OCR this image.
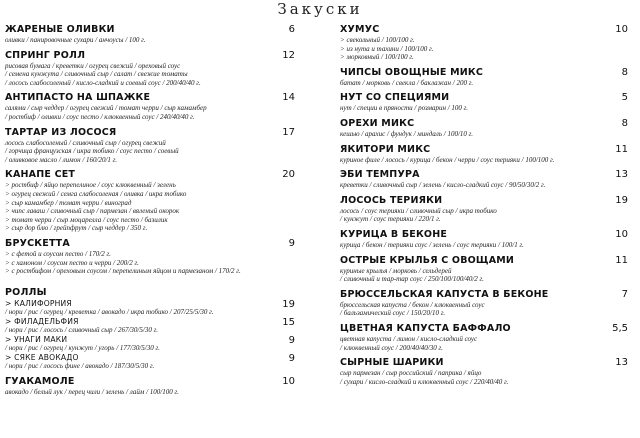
Закуски
ЖАРЕНЫЕ ОЛИВКИ	6
оливки / панировочные сухари / анчоусы / 100 г.
СПРИНГ РОЛЛ	12
рисовая бумага / креветки / огурец свежий / ореховый соус
/ семена кунжута / сливочный сыр / салат / свежие томаты
/ лосось слабосоленый / кисло-сладкий и соевый соус / 200/40/40 г.
АНТИПАСТО НА ШПАЖКЕ	14
салями / сыр чеддер / огурец свежий / томат черри / сыр камамбер
/ ростбиф / оливки / соус песто / клюквенный соус / 240/40/40 г.
ТАРТАР ИЗ ЛОСОСЯ	17
лосось слабосоленый / сливочный сыр / огурец свежий
/ горчица французская / икра тобико / соус песто / соевый
/ оливковое масло / лимон / 160/20/1 г.
КАНАПЕ СЕТ	20
> ростбиф / яйцо перепелиное / соус клюквенный / зелень
> огурец свежий / семга слабосоленая / оливка / икра тобико
> сыр камамбер / томат черри / виноград
> чипс лаваш / сливочный сыр / пармезан / вяленый окорок
> томат черри / сыр моцарелла / соус песто / базилик
> сыр дор блю / грейпфрут / сыр чеддер / 350 г.
БРУСКЕТТА	9
> с фетой и соусом песто / 170/2 г.
> с хамоном / соусом песто и черри / 200/2 г.
> с ростбифом / ореховым соусом / перепелиным яйцом и пармезаном / 170/2 г.
РОЛЛЫ
> КАЛИФОРНИЯ	19
/ нори / рис / огурец / креветка / авокадо / икра тобико / 207/25/5/30 г.
> ФИЛАДЕЛЬФИЯ	15
/ нори / рис / лосось / сливочный сыр / 267/30/5/30 г.
> УНАГИ МАКИ	9
/ нори / рис / огурец / кунжут / угорь / 177/30/5/30 г.
> СЯКЕ АВОКАДО	9
/ нори / рис / лосось фине / авокадо / 187/30/5/30 г.
ГУАКАМОЛЕ	10
авокадо / белый лук / перец чили / зелень / лайм / 100/100 г.
ХУМУС	10
> свекольный / 100/100 г.
> из нута и тахини / 100/100 г.
> морковный / 100/100 г.
ЧИПСЫ ОВОЩНЫЕ МИКС	8
батат / морковь / свекла / баклажан / 200 г.
НУТ СО СПЕЦИЯМИ	5
нут / специи в пряности / розмарин / 100 г.
ОРЕХИ МИКС	8
кешью / арахис / фундук / миндаль / 100/10 г.
ЯКИТОРИ МИКС	11
куриное филе / лосось / курица / бекон / черри / соус терияки / 100/100 г.
ЭБИ ТЕМПУРА	13
креветки / сливочный сыр / зелень / кисло-сладкий соус / 90/50/30/2 г.
ЛОСОСЬ ТЕРИЯКИ	19
лосось / соус терияки / сливочный сыр / икра тобико
/ кунжут / соус терияки / 220/1 г.
КУРИЦА В БЕКОНЕ	10
курица / бекон / терияки соус / зелень / соус терияки / 100/1 г.
ОСТРЫЕ КРЫЛЬЯ С ОВОЩАМИ	11
куриные крылья / морковь / сельдерей
/ сливочный и тар-тар соус / 250/100/100/40/2 г.
БРЮССЕЛЬСКАЯ КАПУСТА В БЕКОНЕ	7
брюссельская капуста / бекон / клюквенный соус
/ бальзамический соус / 150/20/10 г.
ЦВЕТНАЯ КАПУСТА БАФФАЛО	5,5
цветная капуста / лимон / кисло-сладкий соус
/ клюквенный соус / 200/40/40/30 г.
СЫРНЫЕ ШАРИКИ	13
сыр пармезан / сыр российский / паприка / яйцо
/ сухари / кисло-сладкий и клюквенный соус / 220/40/40 г.
